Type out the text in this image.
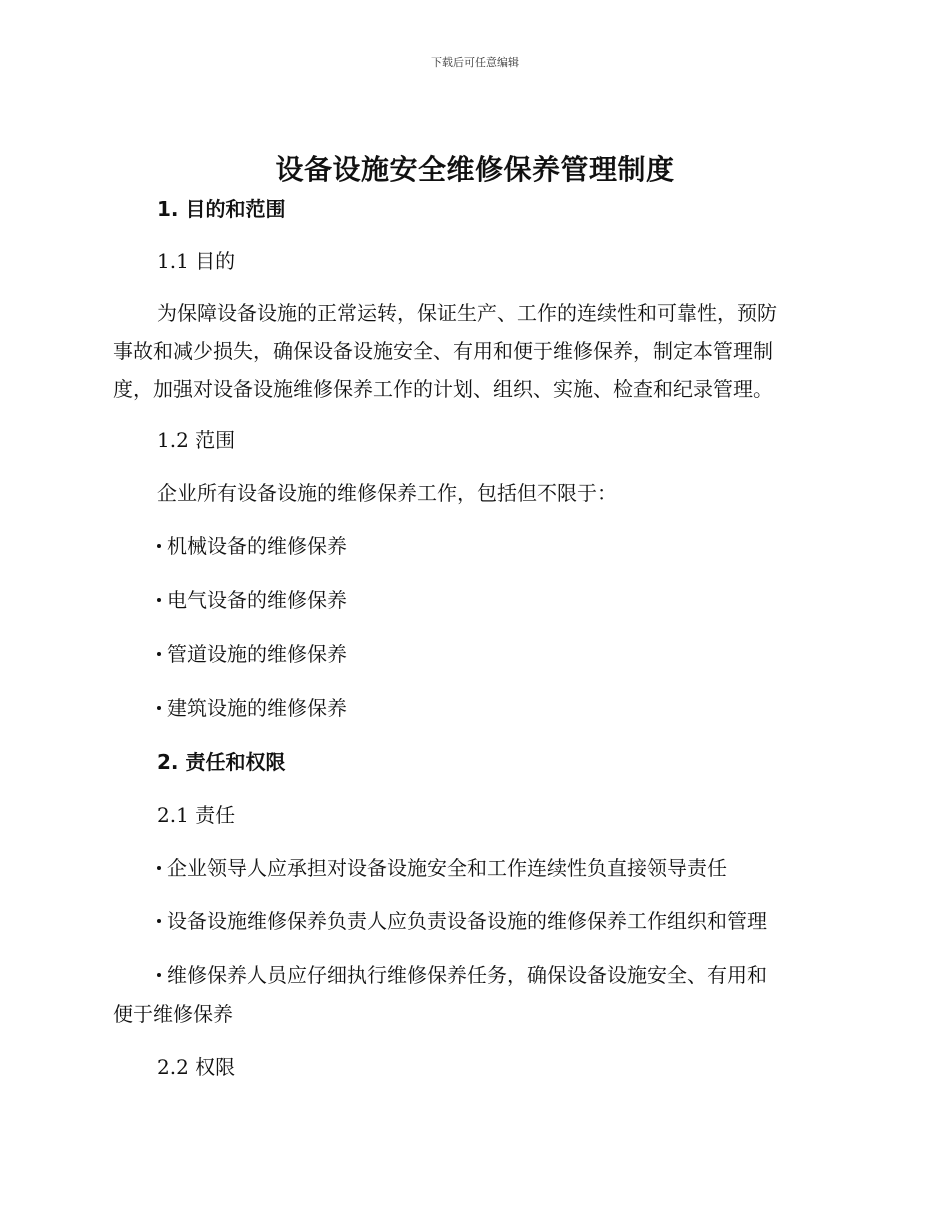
下载后可任意编辑
设备设施安全维修保养管理制度
1. 目的和范围
1.1 目的
为保障设备设施的正常运转，保证生产、工作的连续性和可靠性，预防
事故和减少损失，确保设备设施安全、有用和便于维修保养，制定本管理制
度，加强对设备设施维修保养工作的计划、组织、实施、检查和纪录管理。
1.2 范围
企业所有设备设施的维修保养工作，包括但不限于：
机械设备的维修保养
电气设备的维修保养
管道设施的维修保养
建筑设施的维修保养
2. 责任和权限
2.1 责任
企业领导人应承担对设备设施安全和工作连续性负直接领导责任
设备设施维修保养负责人应负责设备设施的维修保养工作组织和管理
维修保养人员应仔细执行维修保养任务，确保设备设施安全、有用和
便于维修保养
2.2 权限
